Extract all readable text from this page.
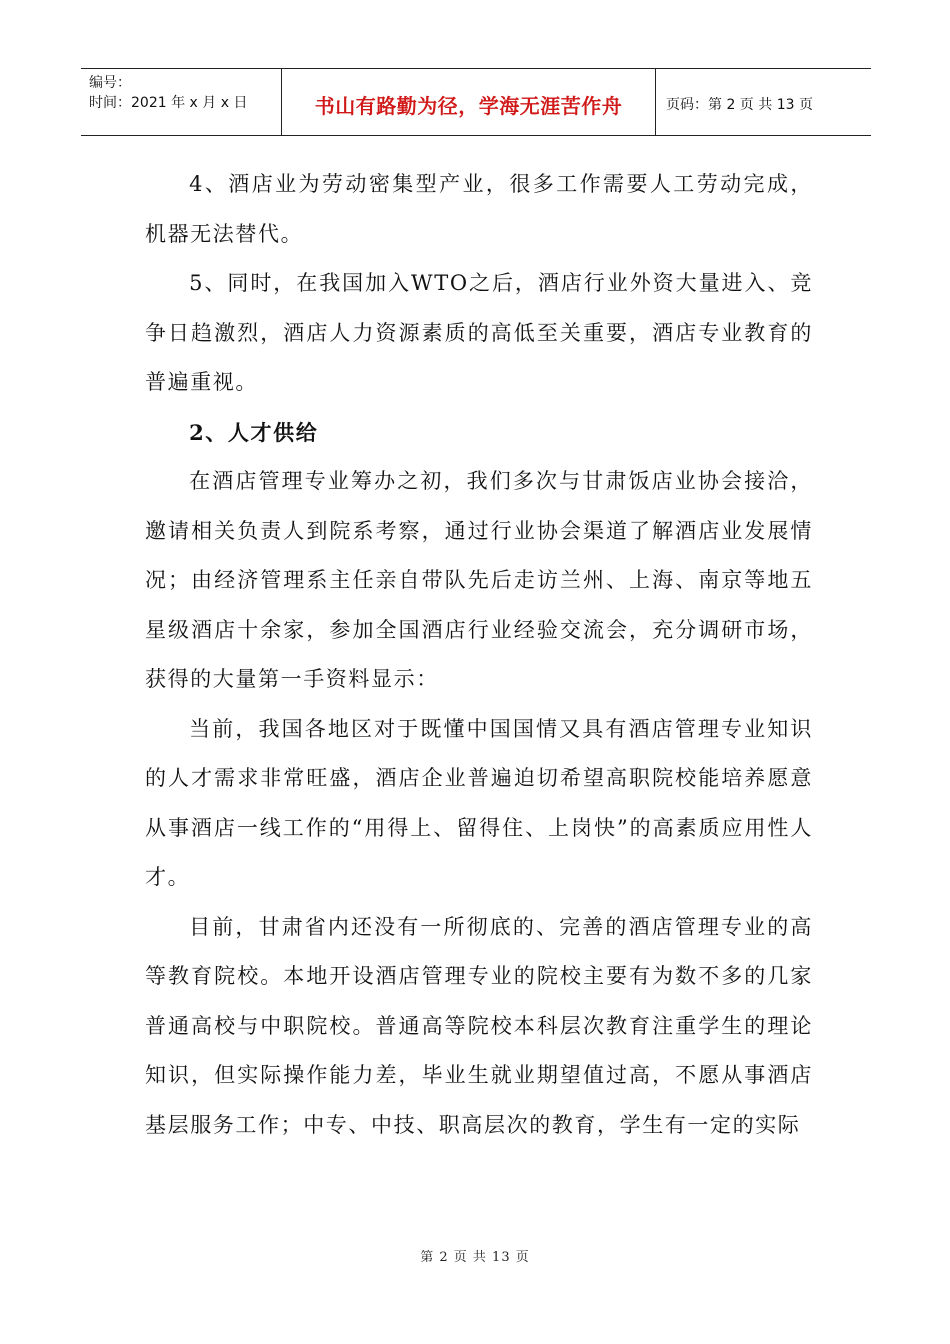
编号：
时间：2021 年 x 月 x 日	书山有路勤为径，学海无涯苦作舟	页码：第 2 页 共 13 页

4、酒店业为劳动密集型产业，很多工作需要人工劳动完成，机器无法替代。

5、同时，在我国加入WTO之后，酒店行业外资大量进入、竞争日趋激烈，酒店人力资源素质的高低至关重要，酒店专业教育的普遍重视。

2、人才供给

在酒店管理专业筹办之初，我们多次与甘肃饭店业协会接洽，邀请相关负责人到院系考察，通过行业协会渠道了解酒店业发展情况；由经济管理系主任亲自带队先后走访兰州、上海、南京等地五星级酒店十余家，参加全国酒店行业经验交流会，充分调研市场，获得的大量第一手资料显示：

当前，我国各地区对于既懂中国国情又具有酒店管理专业知识的人才需求非常旺盛，酒店企业普遍迫切希望高职院校能培养愿意从事酒店一线工作的“用得上、留得住、上岗快”的高素质应用性人才。

目前，甘肃省内还没有一所彻底的、完善的酒店管理专业的高等教育院校。本地开设酒店管理专业的院校主要有为数不多的几家普通高校与中职院校。普通高等院校本科层次教育注重学生的理论知识，但实际操作能力差，毕业生就业期望值过高，不愿从事酒店基层服务工作；中专、中技、职高层次的教育，学生有一定的实际

第 2 页 共 13 页
